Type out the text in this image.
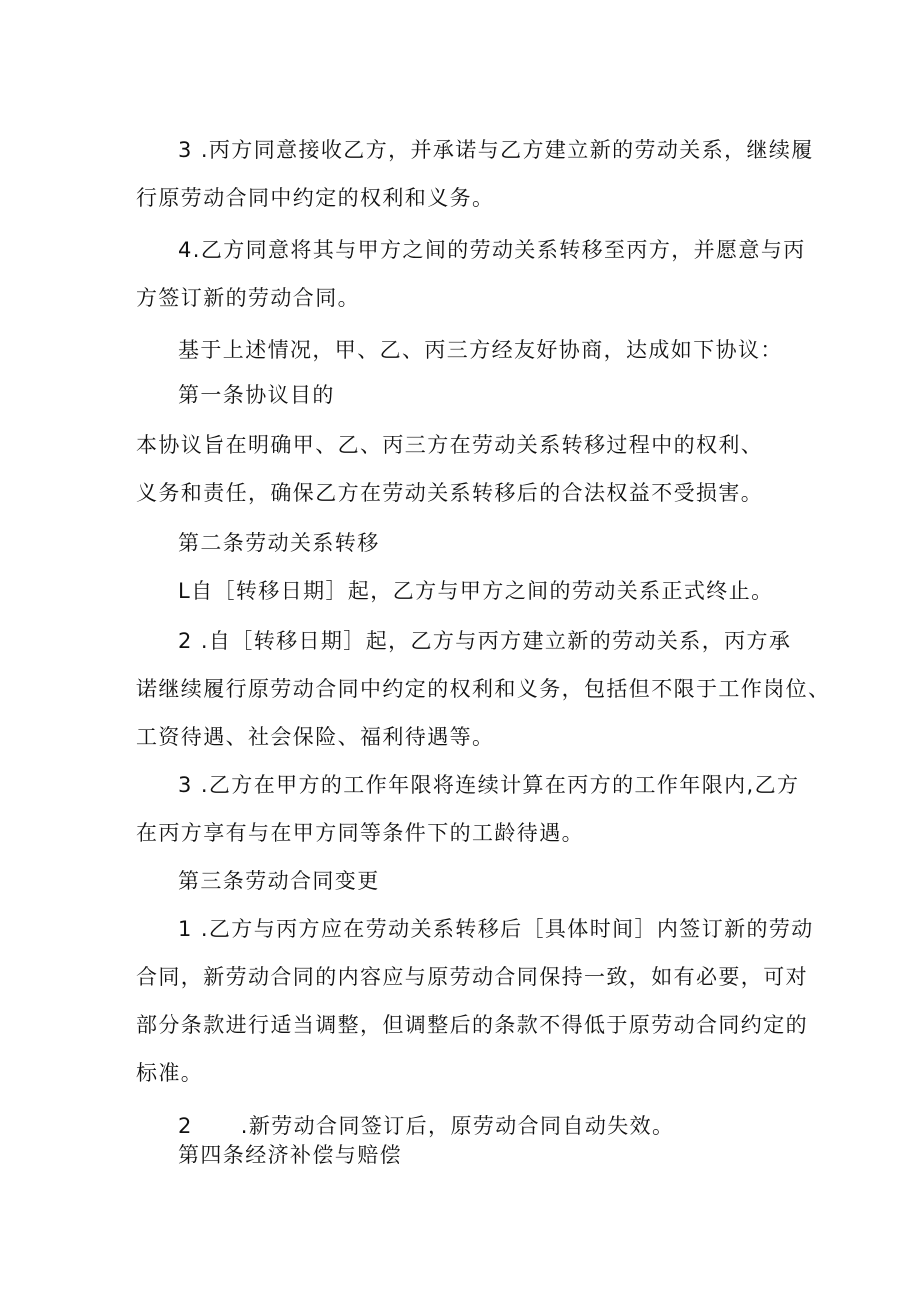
3 .丙方同意接收乙方，并承诺与乙方建立新的劳动关系，继续履
行原劳动合同中约定的权利和义务。
4.乙方同意将其与甲方之间的劳动关系转移至丙方，并愿意与丙
方签订新的劳动合同。
基于上述情况，甲、乙、丙三方经友好协商，达成如下协议：
第一条协议目的
本协议旨在明确甲、乙、丙三方在劳动关系转移过程中的权利、
义务和责任，确保乙方在劳动关系转移后的合法权益不受损害。
第二条劳动关系转移
L自［转移日期］起，乙方与甲方之间的劳动关系正式终止。
2 .自［转移日期］起，乙方与丙方建立新的劳动关系，丙方承
诺继续履行原劳动合同中约定的权利和义务，包括但不限于工作岗位、
工资待遇、社会保险、福利待遇等。
3 .乙方在甲方的工作年限将连续计算在丙方的工作年限内,乙方
在丙方享有与在甲方同等条件下的工龄待遇。
第三条劳动合同变更
1 .乙方与丙方应在劳动关系转移后［具体时间］内签订新的劳动
合同，新劳动合同的内容应与原劳动合同保持一致，如有必要，可对
部分条款进行适当调整，但调整后的条款不得低于原劳动合同约定的
标准。
2 .新劳动合同签订后，原劳动合同自动失效。
第四条经济补偿与赔偿
